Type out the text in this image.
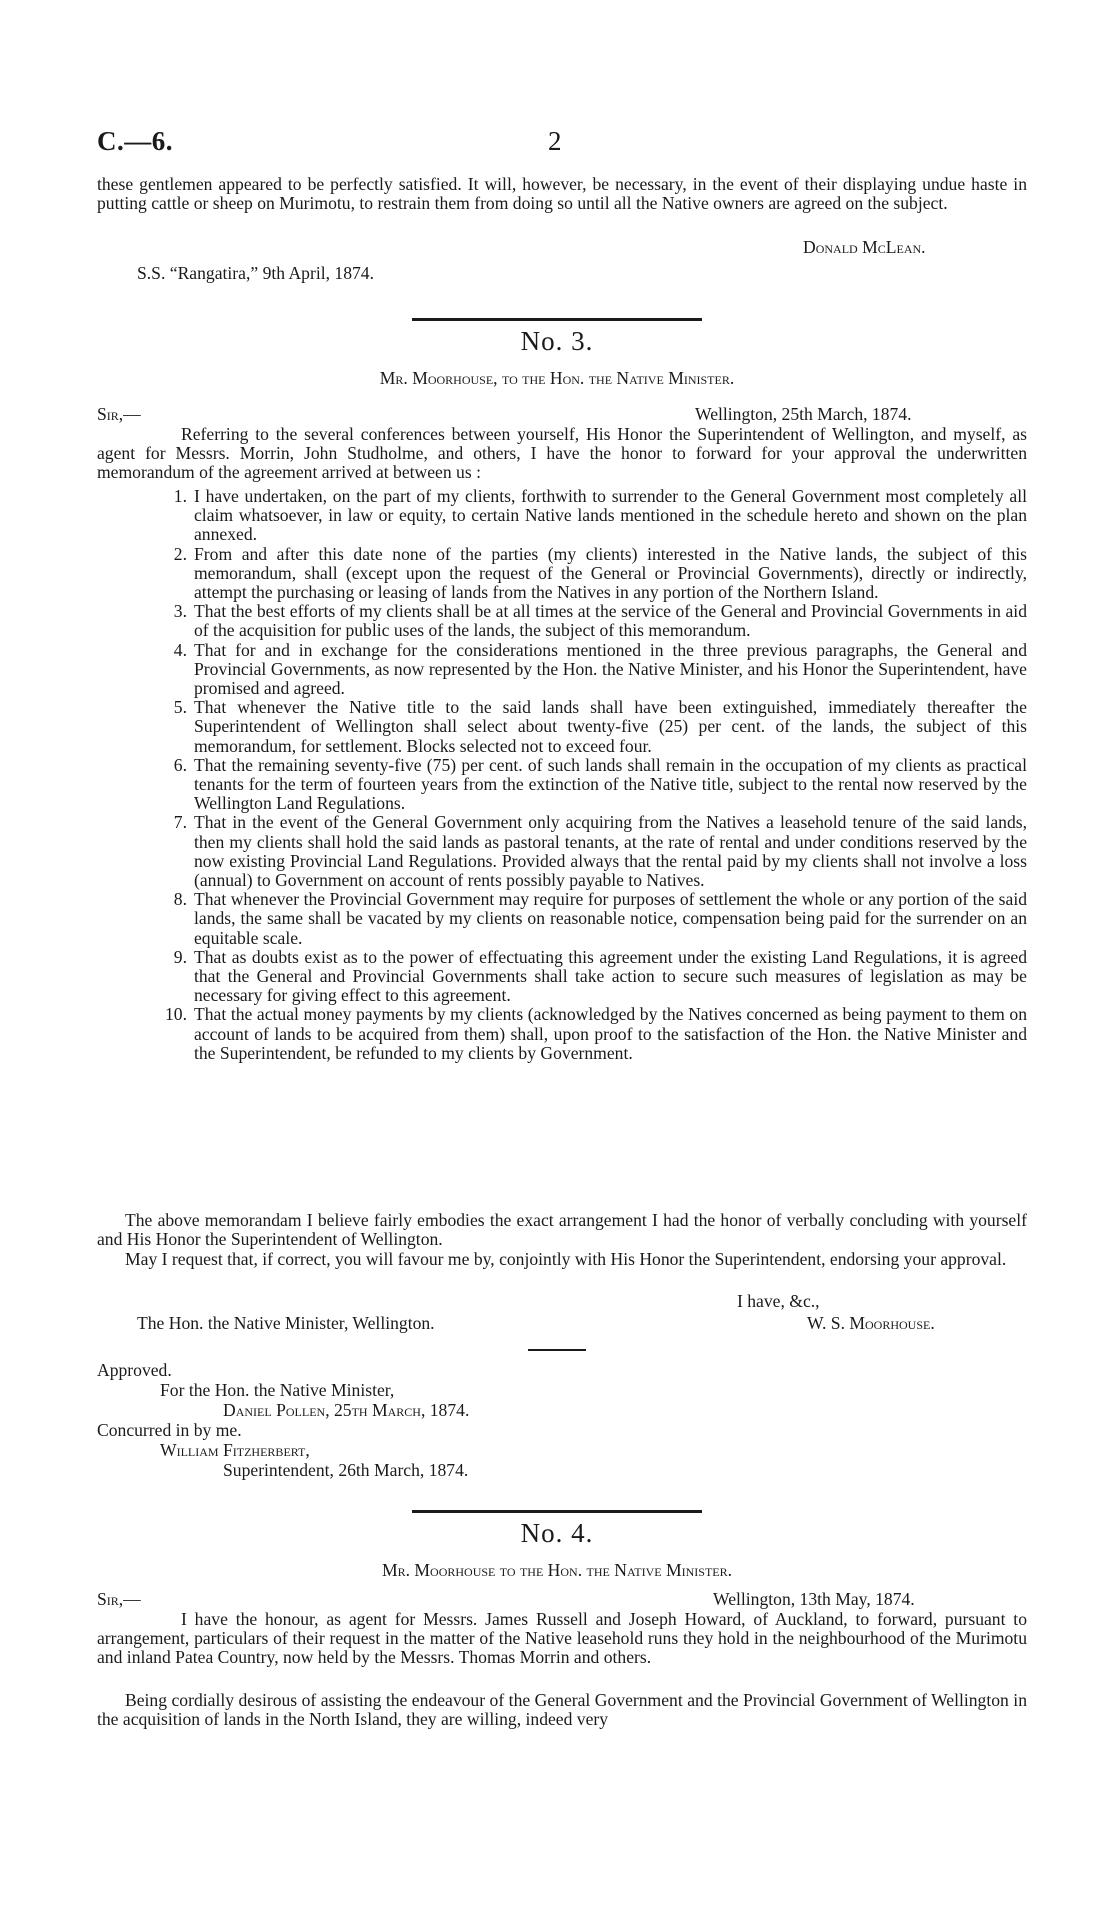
C.—6.	2

these gentlemen appeared to be perfectly satisfied. It will, however, be necessary, in the event of their displaying undue haste in putting cattle or sheep on Murimotu, to restrain them from doing so until all the Native owners are agreed on the subject.

Donald McLean.
S.S. “Rangatira,” 9th April, 1874.
No. 3.
Mr. Moorhouse, to the Hon. the Native Minister.
Sir,—	Wellington, 25th March, 1874.

Referring to the several conferences between yourself, His Honor the Superintendent of Wellington, and myself, as agent for Messrs. Morrin, John Studholme, and others, I have the honor to forward for your approval the underwritten memorandum of the agreement arrived at between us :

1. I have undertaken, on the part of my clients, forthwith to surrender to the General Government most completely all claim whatsoever, in law or equity, to certain Native lands mentioned in the schedule hereto and shown on the plan annexed.
2. From and after this date none of the parties (my clients) interested in the Native lands, the subject of this memorandum, shall (except upon the request of the General or Provincial Governments), directly or indirectly, attempt the purchasing or leasing of lands from the Natives in any portion of the Northern Island.
3. That the best efforts of my clients shall be at all times at the service of the General and Provincial Governments in aid of the acquisition for public uses of the lands, the subject of this memorandum.
4. That for and in exchange for the considerations mentioned in the three previous paragraphs, the General and Provincial Governments, as now represented by the Hon. the Native Minister, and his Honor the Superintendent, have promised and agreed.
5. That whenever the Native title to the said lands shall have been extinguished, immediately thereafter the Superintendent of Wellington shall select about twenty-five (25) per cent. of the lands, the subject of this memorandum, for settlement. Blocks selected not to exceed four.
6. That the remaining seventy-five (75) per cent. of such lands shall remain in the occupation of my clients as practical tenants for the term of fourteen years from the extinction of the Native title, subject to the rental now reserved by the Wellington Land Regulations.
7. That in the event of the General Government only acquiring from the Natives a leasehold tenure of the said lands, then my clients shall hold the said lands as pastoral tenants, at the rate of rental and under conditions reserved by the now existing Provincial Land Regulations. Provided always that the rental paid by my clients shall not involve a loss (annual) to Government on account of rents possibly payable to Natives.
8. That whenever the Provincial Government may require for purposes of settlement the whole or any portion of the said lands, the same shall be vacated by my clients on reasonable notice, compensation being paid for the surrender on an equitable scale.
9. That as doubts exist as to the power of effectuating this agreement under the existing Land Regulations, it is agreed that the General and Provincial Governments shall take action to secure such measures of legislation as may be necessary for giving effect to this agreement.
10. That the actual money payments by my clients (acknowledged by the Natives concerned as being payment to them on account of lands to be acquired from them) shall, upon proof to the satisfaction of the Hon. the Native Minister and the Superintendent, be refunded to my clients by Government.

The above memorandam I believe fairly embodies the exact arrangement I had the honor of verbally concluding with yourself and His Honor the Superintendent of Wellington.

May I request that, if correct, you will favour me by, conjointly with His Honor the Superintendent, endorsing your approval.

I have, &c.,
The Hon. the Native Minister, Wellington.	W. S. Moorhouse.
Approved.
For the Hon. the Native Minister,
Daniel Pollen, 25th March, 1874.
Concurred in by me.
William Fitzherbert,
Superintendent, 26th March, 1874.
No. 4.
Mr. Moorhouse to the Hon. the Native Minister.
Sir,—	Wellington, 13th May, 1874.

I have the honour, as agent for Messrs. James Russell and Joseph Howard, of Auckland, to forward, pursuant to arrangement, particulars of their request in the matter of the Native leasehold runs they hold in the neighbourhood of the Murimotu and inland Patea Country, now held by the Messrs. Thomas Morrin and others.

Being cordially desirous of assisting the endeavour of the General Government and the Provincial Government of Wellington in the acquisition of lands in the North Island, they are willing, indeed very
